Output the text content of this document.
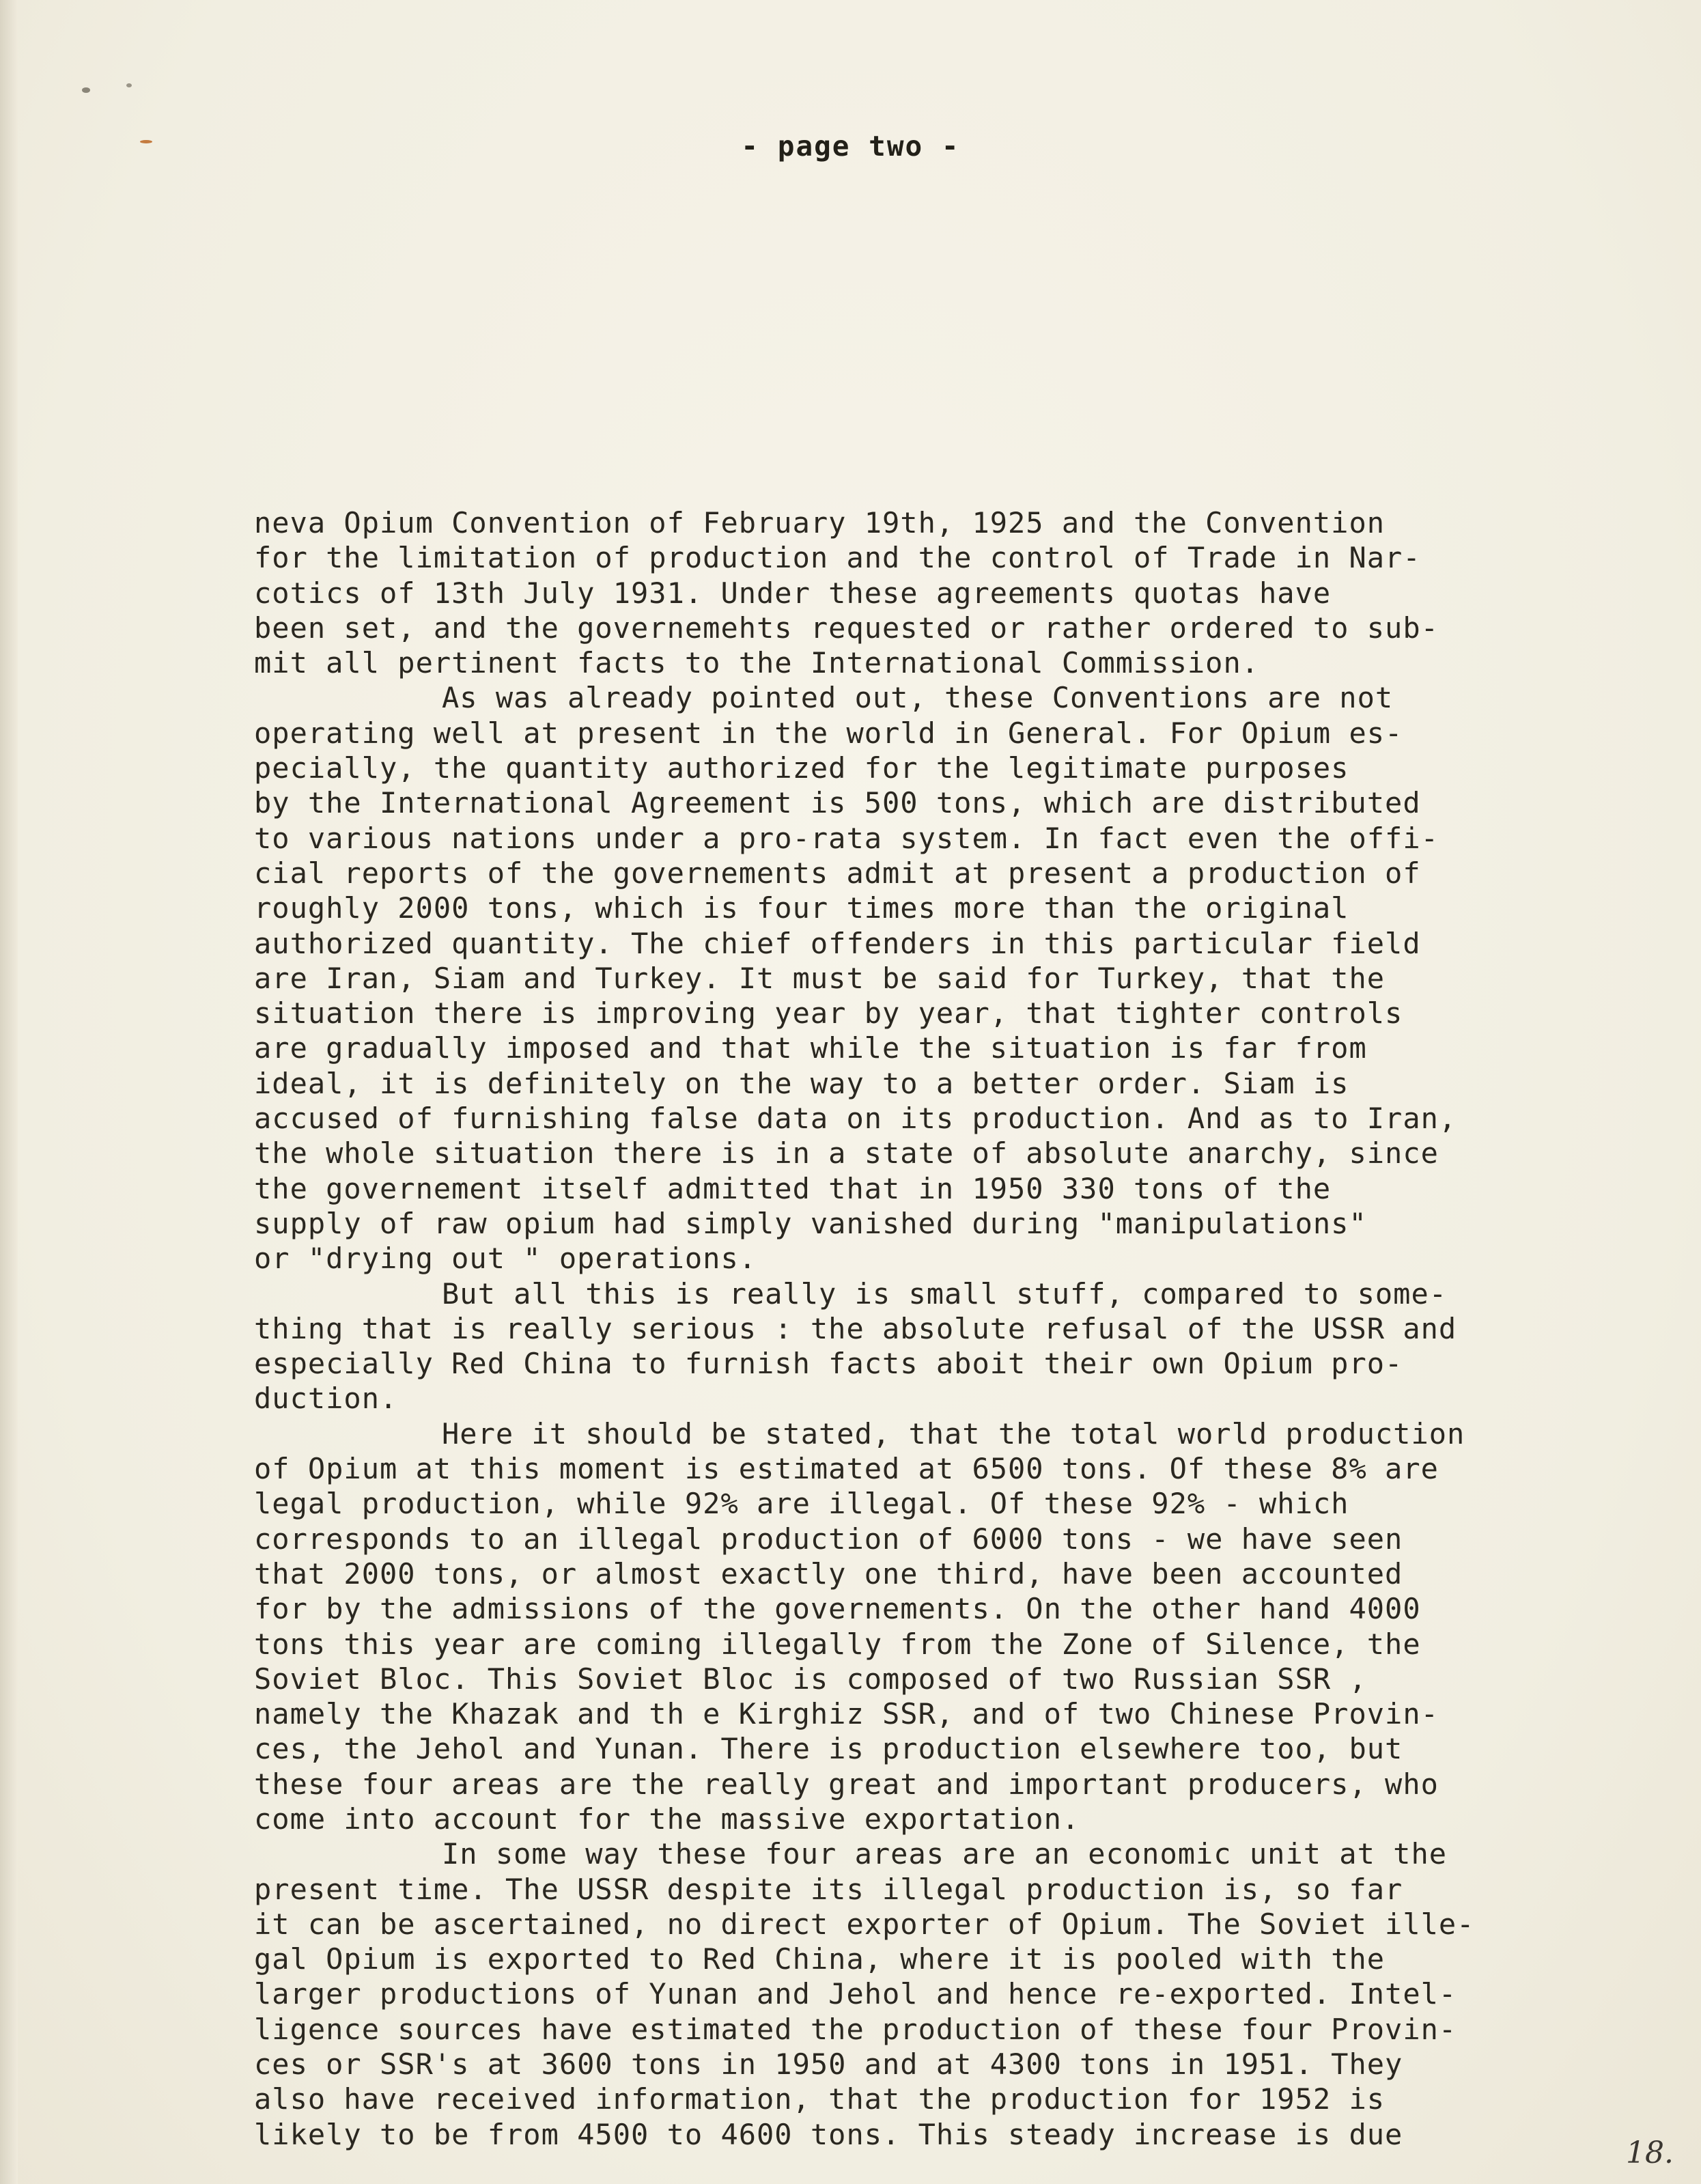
- page two -
neva Opium Convention of February 19th, 1925 and the Convention
for the limitation of production and the control of Trade in Nar-
cotics of 13th July 1931. Under these agreements quotas have
been set, and the governemehts requested or rather ordered to sub-
mit all pertinent facts to the International Commission.
As was already pointed out, these Conventions are not
operating well at present in the world in General. For Opium es-
pecially, the quantity authorized for the legitimate purposes
by the International Agreement is 500 tons, which are distributed
to various nations under a pro-rata system. In fact even the offi-
cial reports of the governements admit at present a production of
roughly 2000 tons, which is four times more than the original
authorized quantity. The chief offenders in this particular field
are Iran, Siam and Turkey. It must be said for Turkey, that the
situation there is improving year by year, that tighter controls
are gradually imposed and that while the situation is far from
ideal, it is definitely on the way to a better order. Siam is
accused of furnishing false data on its production. And as to Iran,
the whole situation there is in a state of absolute anarchy, since
the governement itself admitted that in 1950 330 tons of the
supply of raw opium had simply vanished during "manipulations"
or "drying out " operations.
But all this is really is small stuff, compared to some-
thing that is really serious : the absolute refusal of the USSR and
especially Red China to furnish facts aboit their own Opium pro-
duction.
Here it should be stated, that the total world production
of Opium at this moment is estimated at 6500 tons. Of these 8% are
legal production, while 92% are illegal. Of these 92% - which
corresponds to an illegal production of 6000 tons - we have seen
that 2000 tons, or almost exactly one third, have been accounted
for by the admissions of the governements. On the other hand 4000
tons this year are coming illegally from the Zone of Silence, the
Soviet Bloc. This Soviet Bloc is composed of two Russian SSR ,
namely the Khazak and th e Kirghiz SSR, and of two Chinese Provin-
ces, the Jehol and Yunan. There is production elsewhere too, but
these four areas are the really great and important producers, who
come into account for the massive exportation.
In some way these four areas are an economic unit at the
present time. The USSR despite its illegal production is, so far
it can be ascertained, no direct exporter of Opium. The Soviet ille-
gal Opium is exported to Red China, where it is pooled with the
larger productions of Yunan and Jehol and hence re-exported. Intel-
ligence sources have estimated the production of these four Provin-
ces or SSR's at 3600 tons in 1950 and at 4300 tons in 1951. They
also have received information, that the production for 1952 is
likely to be from 4500 to 4600 tons. This steady increase is due
18.
